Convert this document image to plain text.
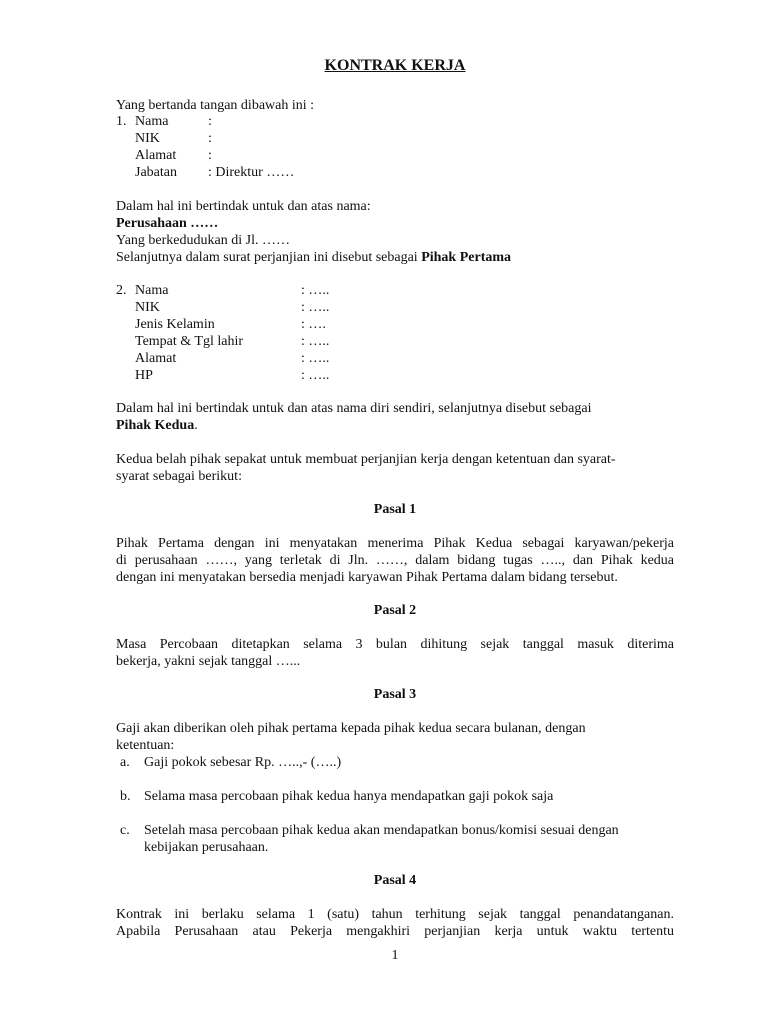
KONTRAK KERJA
Yang bertanda tangan dibawah ini :
1. Nama	:
NIK	:
Alamat :
Jabatan : Direktur ……
Dalam hal ini bertindak untuk dan atas nama:
Perusahaan ……
Yang berkedudukan di Jl. ……
Selanjutnya dalam surat perjanjian ini disebut sebagai Pihak Pertama
2. Nama	: …..
NIK	: …..
Jenis Kelamin	: ….
Tempat & Tgl lahir	: …..
Alamat	: …..
HP	: …..
Dalam hal ini bertindak untuk dan atas nama diri sendiri, selanjutnya disebut sebagai
Pihak Kedua.
Kedua belah pihak sepakat untuk membuat perjanjian kerja dengan ketentuan dan syarat-
syarat sebagai berikut:
Pasal 1
Pihak Pertama dengan ini menyatakan menerima Pihak Kedua sebagai karyawan/pekerja
di perusahaan ……, yang terletak di Jln. ……, dalam bidang tugas ….., dan Pihak kedua
dengan ini menyatakan bersedia menjadi karyawan Pihak Pertama dalam bidang tersebut.
Pasal 2
Masa Percobaan ditetapkan selama 3 bulan dihitung sejak tanggal masuk diterima
bekerja, yakni sejak tanggal …...
Pasal 3
Gaji akan diberikan oleh pihak pertama kepada pihak kedua secara bulanan, dengan
ketentuan:
a. Gaji pokok sebesar Rp. …..,- (…..)
b. Selama masa percobaan pihak kedua hanya mendapatkan gaji pokok saja
c. Setelah masa percobaan pihak kedua akan mendapatkan bonus/komisi sesuai dengan
kebijakan perusahaan.
Pasal 4
Kontrak ini berlaku selama 1 (satu) tahun terhitung sejak tanggal penandatanganan.
Apabila Perusahaan atau Pekerja mengakhiri perjanjian kerja untuk waktu tertentu
1
